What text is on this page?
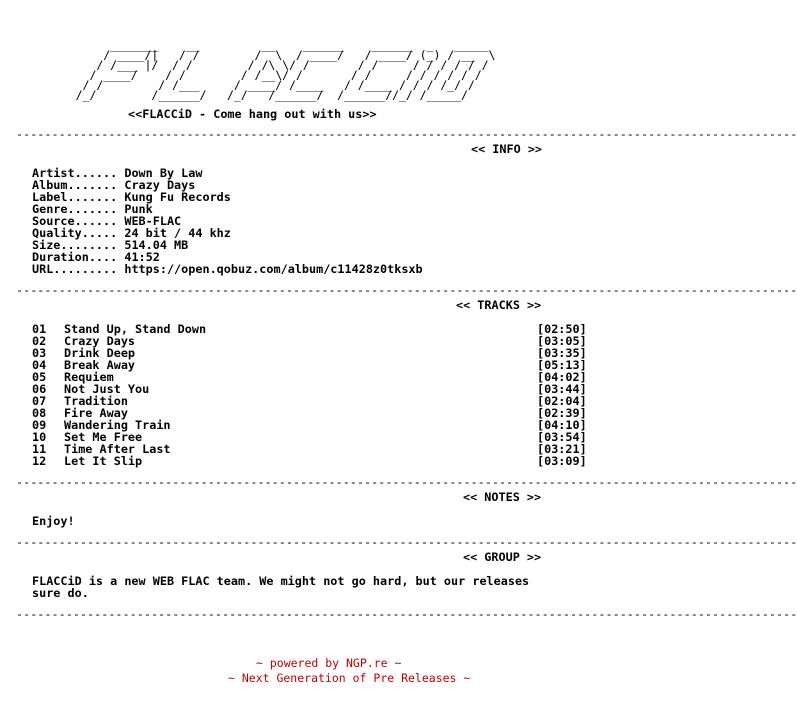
_______    __         __    ______    ______  _   _____
/ ____/|   / /        /  \  / ____/   / ____/ (_) / __  \
/ /___ |/  / /        / /\ \/ /       / /     / / / / / /
/ ____/    / /        / /__\/ /       / /     / / / / / /
/ /        / /___     / ____/ /____   / /____ / / / /_/ /
/_/        /______/   /_/   /______/  /______//_/ /_____/
<<FLACCiD - Come hang out with us>>
--------------------------------------------------------------------------------------------------------------
<< INFO >>
Artist...... Down By Law
Album....... Crazy Days
Label....... Kung Fu Records
Genre....... Punk
Source...... WEB-FLAC
Quality..... 24 bit / 44 khz
Size........ 514.04 MB
Duration.... 41:52
URL......... https://open.qobuz.com/album/c11428z0tksxb
--------------------------------------------------------------------------------------------------------------
<< TRACKS >>
01 Stand Up, Stand Down	[02:50]
02 Crazy Days	[03:05]
03 Drink Deep	[03:35]
04 Break Away	[05:13]
05 Requiem	[04:02]
06 Not Just You	[03:44]
07 Tradition	[02:04]
08 Fire Away	[02:39]
09 Wandering Train	[04:10]
10 Set Me Free	[03:54]
11 Time After Last	[03:21]
12 Let It Slip	[03:09]
--------------------------------------------------------------------------------------------------------------
<< NOTES >>
Enjoy!
--------------------------------------------------------------------------------------------------------------
<< GROUP >>
FLACCiD is a new WEB FLAC team. We might not go hard, but our releases
sure do.
--------------------------------------------------------------------------------------------------------------
~ powered by NGP.re ~
~ Next Generation of Pre Releases ~
